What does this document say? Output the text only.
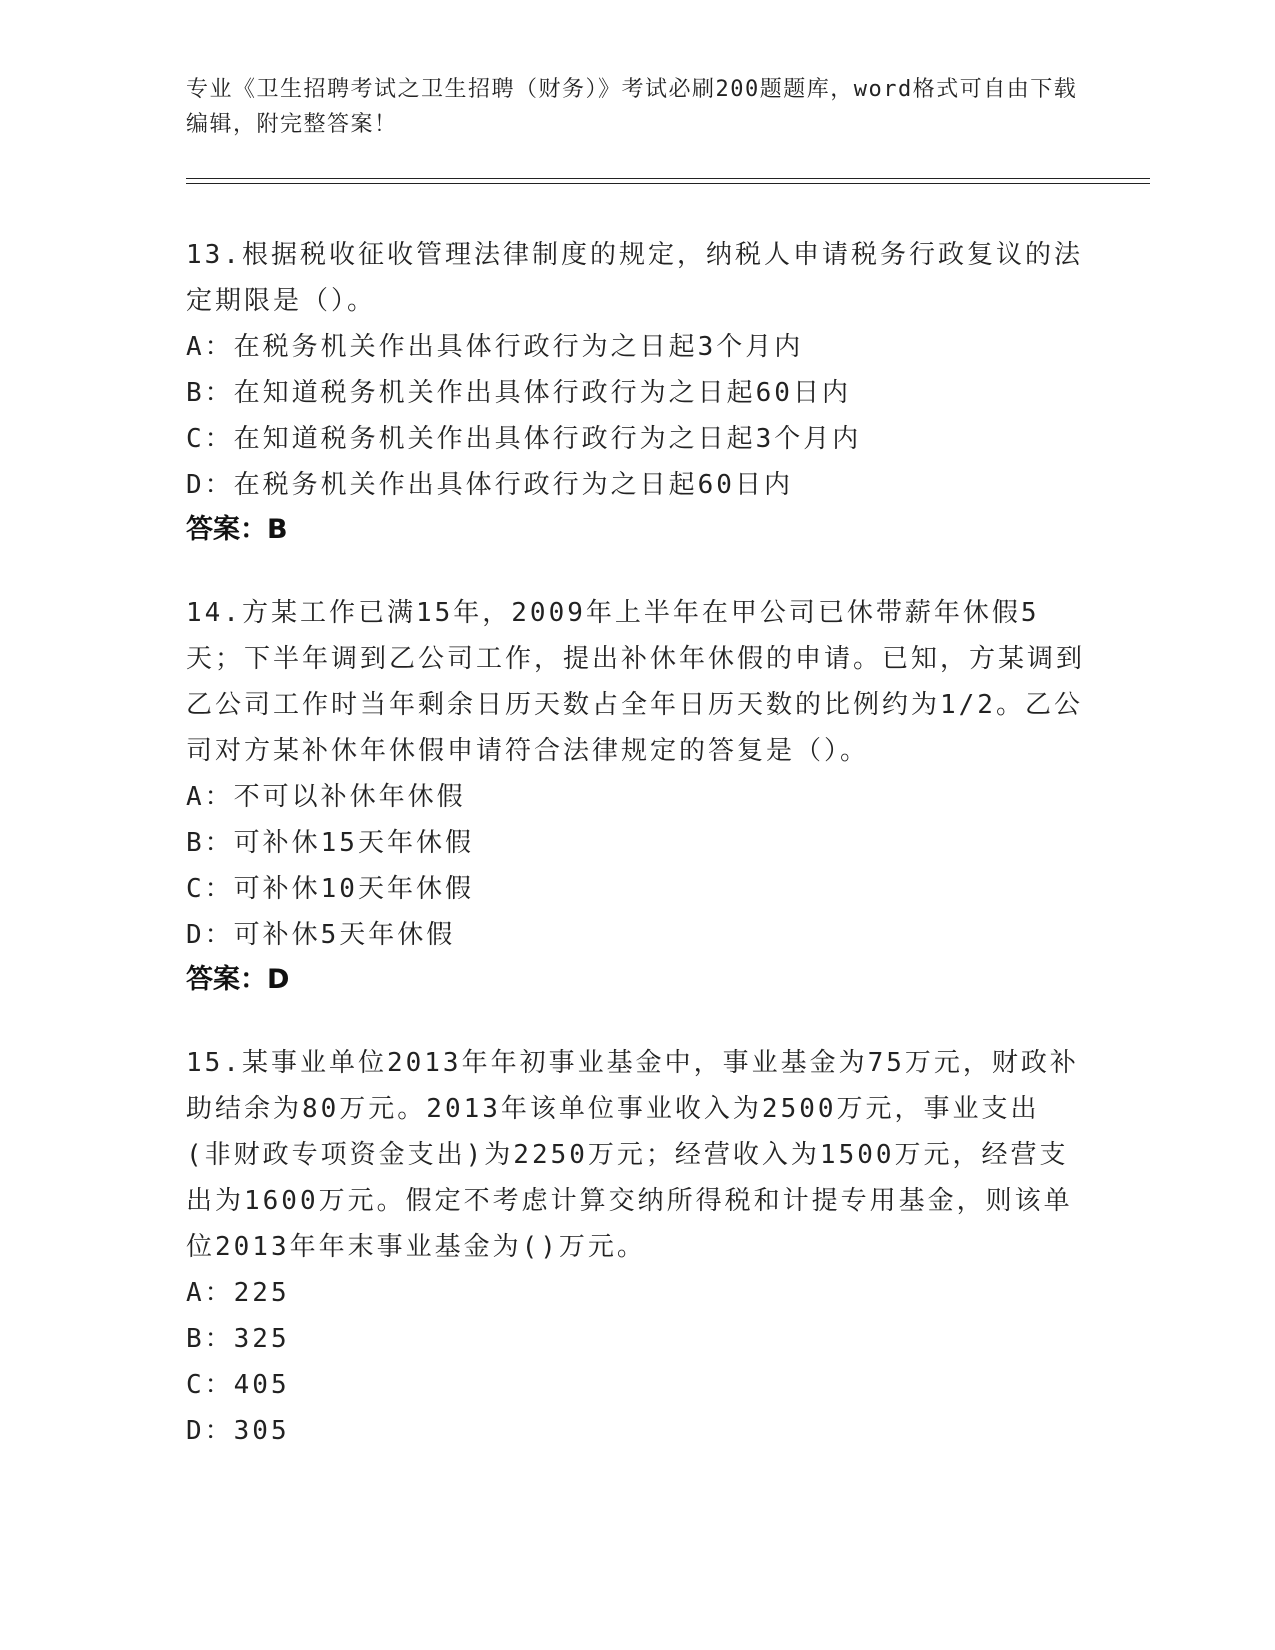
专业《卫生招聘考试之卫生招聘（财务）》考试必刷200题题库，word格式可自由下载编辑，附完整答案！

13.根据税收征收管理法律制度的规定，纳税人申请税务行政复议的法定期限是（）。

A：在税务机关作出具体行政行为之日起3个月内

B：在知道税务机关作出具体行政行为之日起60日内

C：在知道税务机关作出具体行政行为之日起3个月内

D：在税务机关作出具体行政行为之日起60日内

答案：B

14.方某工作已满15年，2009年上半年在甲公司已休带薪年休假5天；下半年调到乙公司工作，提出补休年休假的申请。已知，方某调到乙公司工作时当年剩余日历天数占全年日历天数的比例约为1/2。乙公司对方某补休年休假申请符合法律规定的答复是（）。

A：不可以补休年休假

B：可补休15天年休假

C：可补休10天年休假

D：可补休5天年休假

答案：D

15.某事业单位2013年年初事业基金中，事业基金为75万元，财政补助结余为80万元。2013年该单位事业收入为2500万元，事业支出(非财政专项资金支出)为2250万元；经营收入为1500万元，经营支出为1600万元。假定不考虑计算交纳所得税和计提专用基金，则该单位2013年年末事业基金为()万元。

A：225

B：325

C：405

D：305
